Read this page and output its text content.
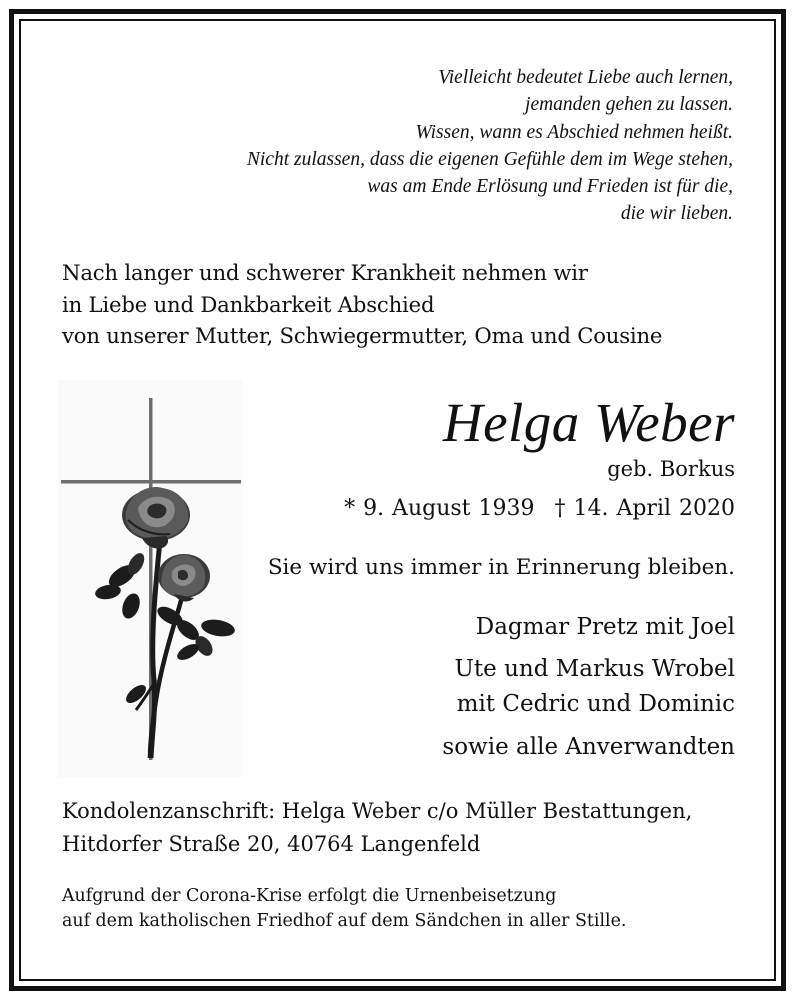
Vielleicht bedeutet Liebe auch lernen,
jemanden gehen zu lassen.
Wissen, wann es Abschied nehmen heißt.
Nicht zulassen, dass die eigenen Gefühle dem im Wege stehen,
was am Ende Erlösung und Frieden ist für die,
die wir lieben.
Nach langer und schwerer Krankheit nehmen wir
in Liebe und Dankbarkeit Abschied
von unserer Mutter, Schwiegermutter, Oma und Cousine
Helga Weber
geb. Borkus
* 9. August 1939 † 14. April 2020
Sie wird uns immer in Erinnerung bleiben.
Dagmar Pretz mit Joel
Ute und Markus Wrobel
mit Cedric und Dominic
sowie alle Anverwandten
Kondolenzanschrift: Helga Weber c/o Müller Bestattungen,
Hitdorfer Straße 20, 40764 Langenfeld
Aufgrund der Corona-Krise erfolgt die Urnenbeisetzung
auf dem katholischen Friedhof auf dem Sändchen in aller Stille.
